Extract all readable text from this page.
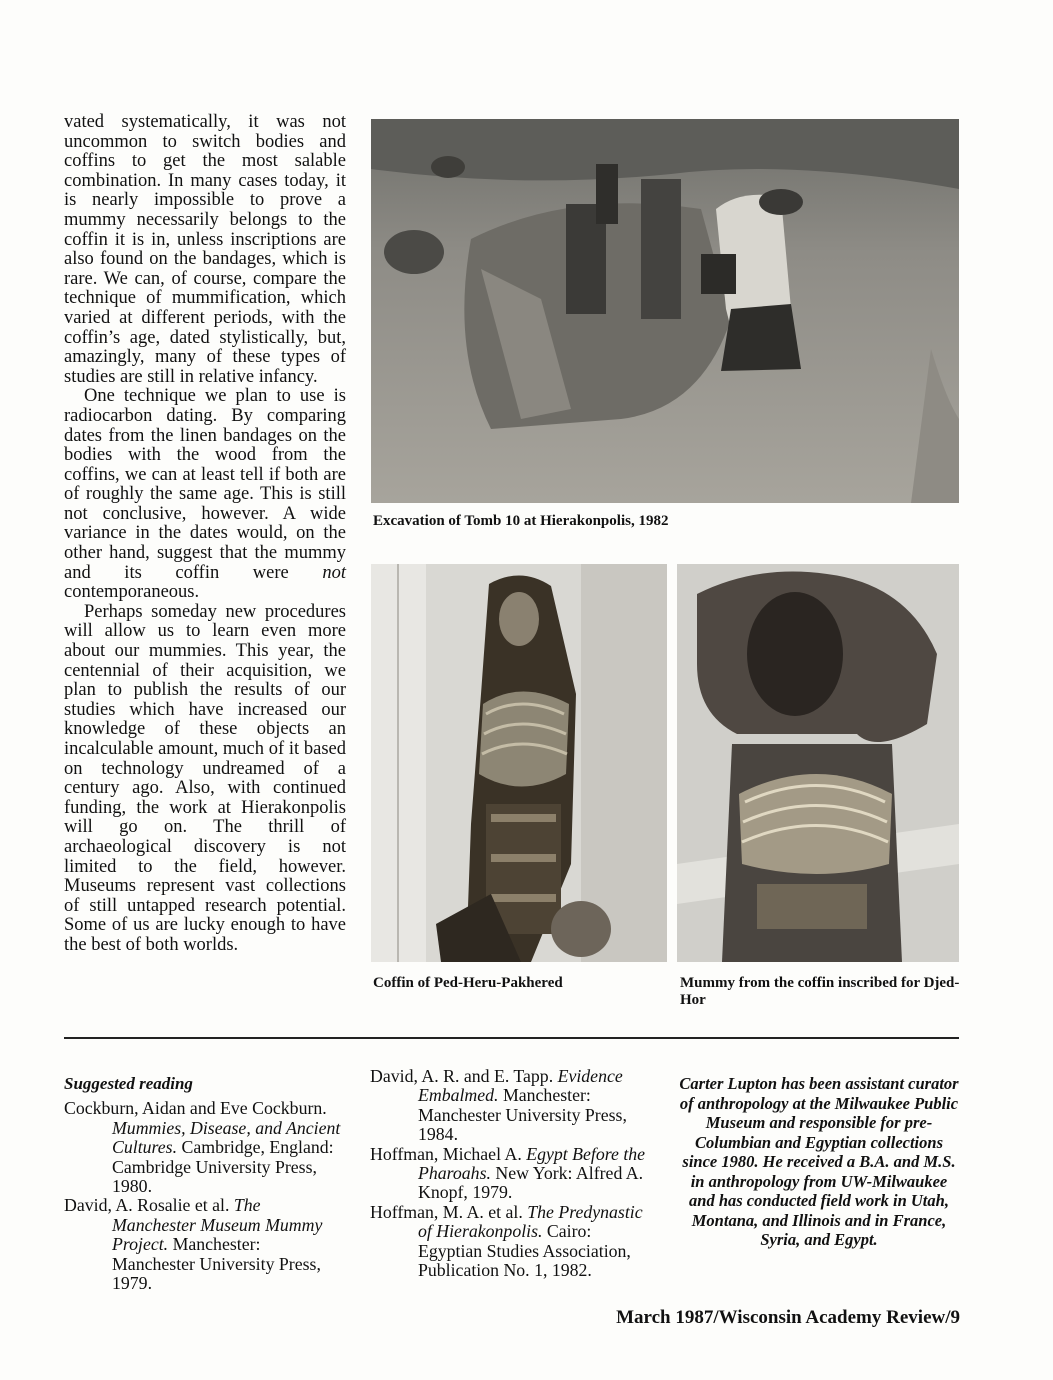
vated systematically, it was not uncommon to switch bodies and coffins to get the most salable combination. In many cases today, it is nearly impossible to prove a mummy necessarily belongs to the coffin it is in, unless inscriptions are also found on the bandages, which is rare. We can, of course, compare the technique of mummification, which varied at different periods, with the coffin’s age, dated stylistically, but, amazingly, many of these types of studies are still in relative infancy.

One technique we plan to use is radiocarbon dating. By comparing dates from the linen bandages on the bodies with the wood from the coffins, we can at least tell if both are of roughly the same age. This is still not conclusive, however. A wide variance in the dates would, on the other hand, suggest that the mummy and its coffin were not contemporaneous.

Perhaps someday new procedures will allow us to learn even more about our mummies. This year, the centennial of their acquisition, we plan to publish the results of our studies which have increased our knowledge of these objects an incalculable amount, much of it based on technology undreamed of a century ago. Also, with continued funding, the work at Hierakonpolis will go on. The thrill of archaeological discovery is not limited to the field, however. Museums represent vast collections of still untapped research potential. Some of us are lucky enough to have the best of both worlds.

Excavation of Tomb 10 at Hierakonpolis, 1982
Coffin of Ped-Heru-Pakhered	Mummy from the coffin inscribed for Djed-Hor

Suggested reading

Cockburn, Aidan and Eve Cockburn. Mummies, Disease, and Ancient Cultures. Cambridge, England: Cambridge University Press, 1980.

David, A. Rosalie et al. The Manchester Museum Mummy Project. Manchester: Manchester University Press, 1979.

David, A. R. and E. Tapp. Evidence Embalmed. Manchester: Manchester University Press, 1984.

Hoffman, Michael A. Egypt Before the Pharoahs. New York: Alfred A. Knopf, 1979.

Hoffman, M. A. et al. The Predynastic of Hierakonpolis. Cairo: Egyptian Studies Association, Publication No. 1, 1982.

Carter Lupton has been assistant curator of anthropology at the Milwaukee Public Museum and responsible for pre-Columbian and Egyptian collections since 1980. He received a B.A. and M.S. in anthropology from UW-Milwaukee and has conducted field work in Utah, Montana, and Illinois and in France, Syria, and Egypt.
March 1987/Wisconsin Academy Review/9
